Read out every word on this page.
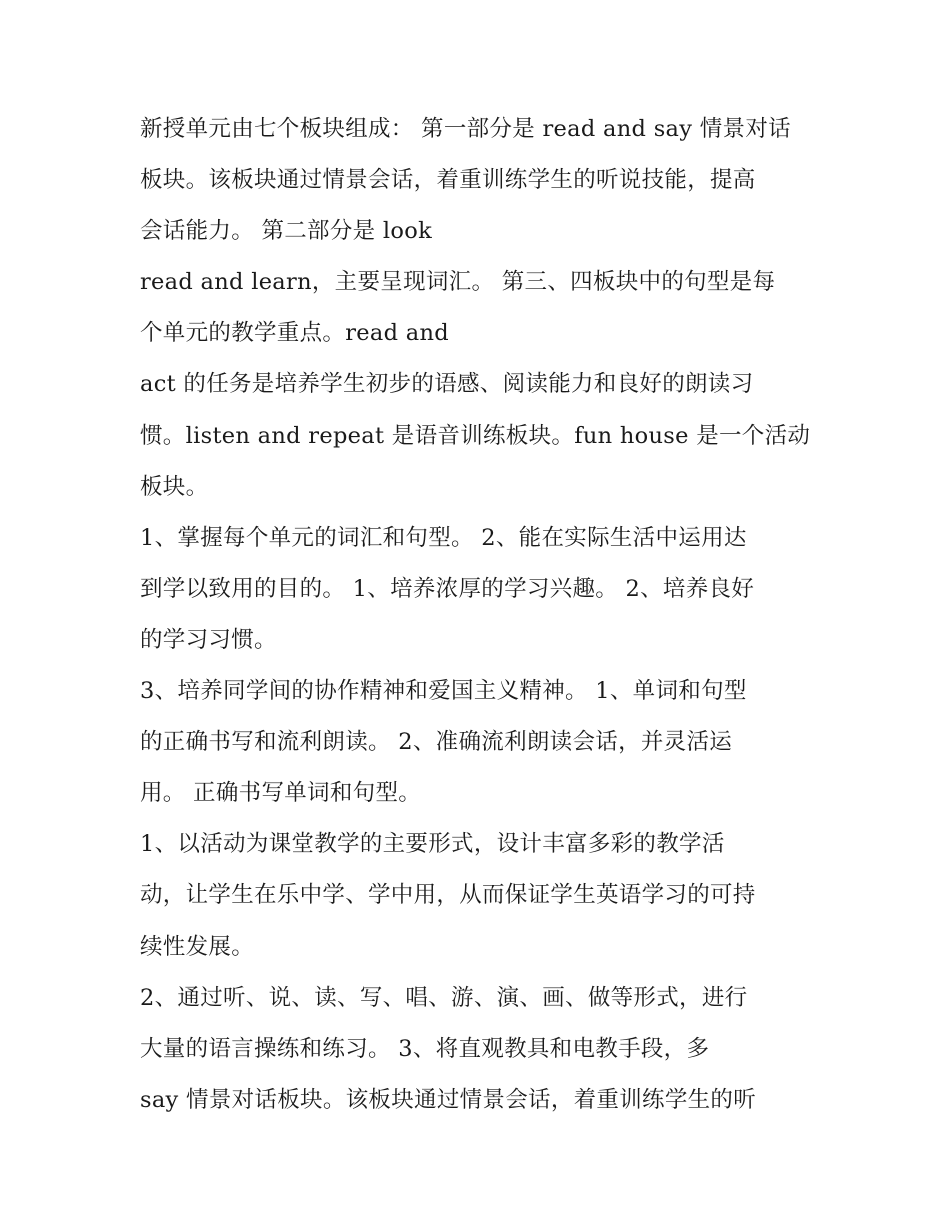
新授单元由七个板块组成： 第一部分是 read and say 情景对话
板块。该板块通过情景会话，着重训练学生的听说技能，提高
会话能力。 第二部分是 look
read and learn，主要呈现词汇。 第三、四板块中的句型是每
个单元的教学重点。read and
act 的任务是培养学生初步的语感、阅读能力和良好的朗读习
惯。listen and repeat 是语音训练板块。fun house 是一个活动
板块。
1、掌握每个单元的词汇和句型。 2、能在实际生活中运用达
到学以致用的目的。 1、培养浓厚的学习兴趣。 2、培养良好
的学习习惯。
3、培养同学间的协作精神和爱国主义精神。 1、单词和句型
的正确书写和流利朗读。 2、准确流利朗读会话，并灵活运
用。 正确书写单词和句型。
1、以活动为课堂教学的主要形式，设计丰富多彩的教学活
动，让学生在乐中学、学中用，从而保证学生英语学习的可持
续性发展。
2、通过听、说、读、写、唱、游、演、画、做等形式，进行
大量的语言操练和练习。 3、将直观教具和电教手段，多
say 情景对话板块。该板块通过情景会话，着重训练学生的听
